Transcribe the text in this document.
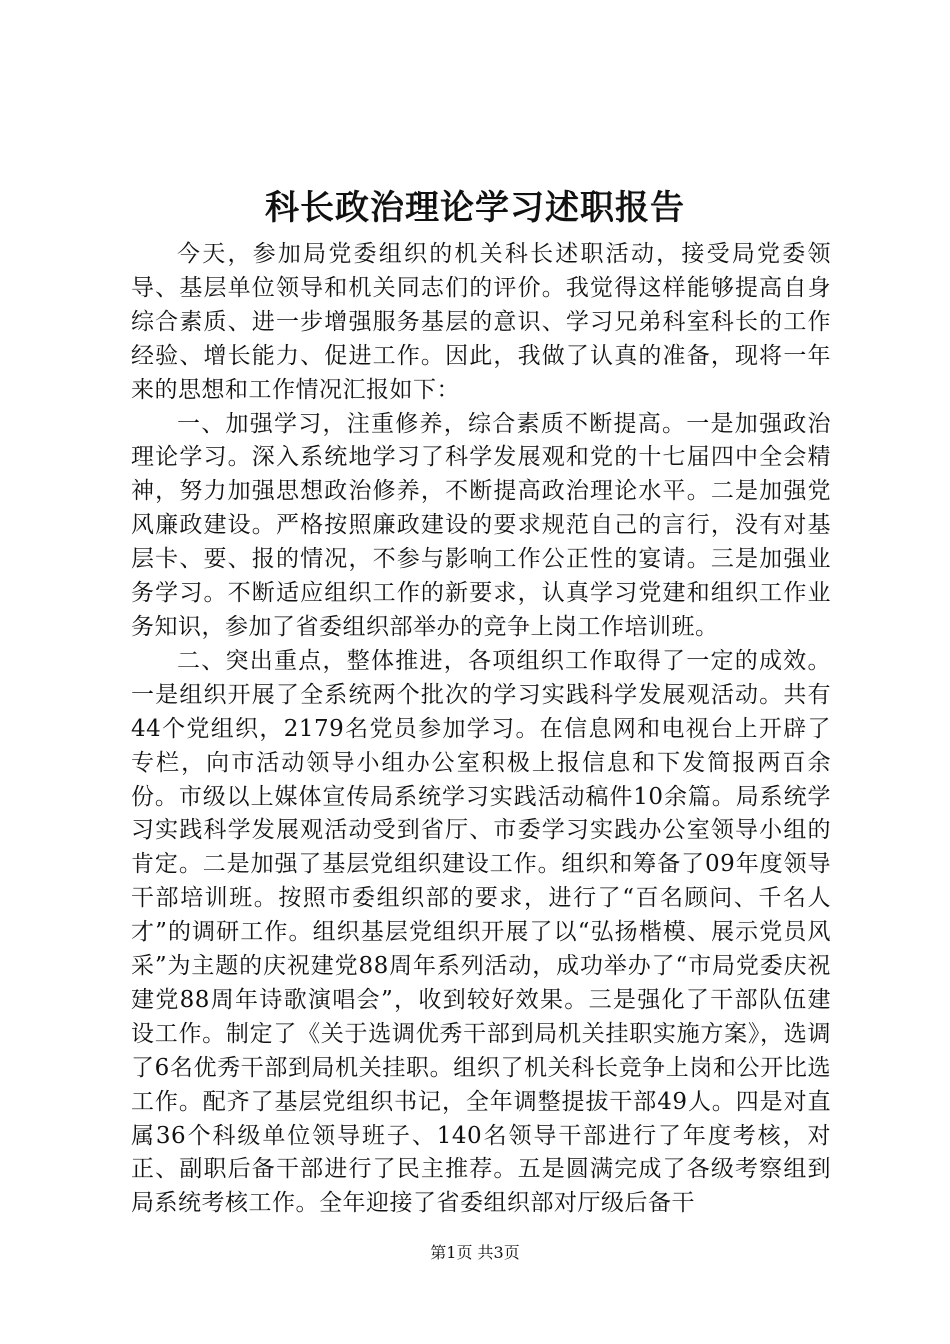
科长政治理论学习述职报告

今天，参加局党委组织的机关科长述职活动，接受局党委领导、基层单位领导和机关同志们的评价。我觉得这样能够提高自身综合素质、进一步增强服务基层的意识、学习兄弟科室科长的工作经验、增长能力、促进工作。因此，我做了认真的准备，现将一年来的思想和工作情况汇报如下：

一、加强学习，注重修养，综合素质不断提高。一是加强政治理论学习。深入系统地学习了科学发展观和党的十七届四中全会精神，努力加强思想政治修养，不断提高政治理论水平。二是加强党风廉政建设。严格按照廉政建设的要求规范自己的言行，没有对基层卡、要、报的情况，不参与影响工作公正性的宴请。三是加强业务学习。不断适应组织工作的新要求，认真学习党建和组织工作业务知识，参加了省委组织部举办的竞争上岗工作培训班。

二、突出重点，整体推进，各项组织工作取得了一定的成效。一是组织开展了全系统两个批次的学习实践科学发展观活动。共有44个党组织，2179名党员参加学习。在信息网和电视台上开辟了专栏，向市活动领导小组办公室积极上报信息和下发简报两百余份。市级以上媒体宣传局系统学习实践活动稿件10余篇。局系统学习实践科学发展观活动受到省厅、市委学习实践办公室领导小组的肯定。二是加强了基层党组织建设工作。组织和筹备了09年度领导干部培训班。按照市委组织部的要求，进行了“百名顾问、千名人才”的调研工作。组织基层党组织开展了以“弘扬楷模、展示党员风采”为主题的庆祝建党88周年系列活动，成功举办了“市局党委庆祝建党88周年诗歌演唱会”，收到较好效果。三是强化了干部队伍建设工作。制定了《关于选调优秀干部到局机关挂职实施方案》，选调了6名优秀干部到局机关挂职。组织了机关科长竞争上岗和公开比选工作。配齐了基层党组织书记，全年调整提拔干部49人。四是对直属36个科级单位领导班子、140名领导干部进行了年度考核，对正、副职后备干部进行了民主推荐。五是圆满完成了各级考察组到局系统考核工作。全年迎接了省委组织部对厅级后备干

第1页 共3页
